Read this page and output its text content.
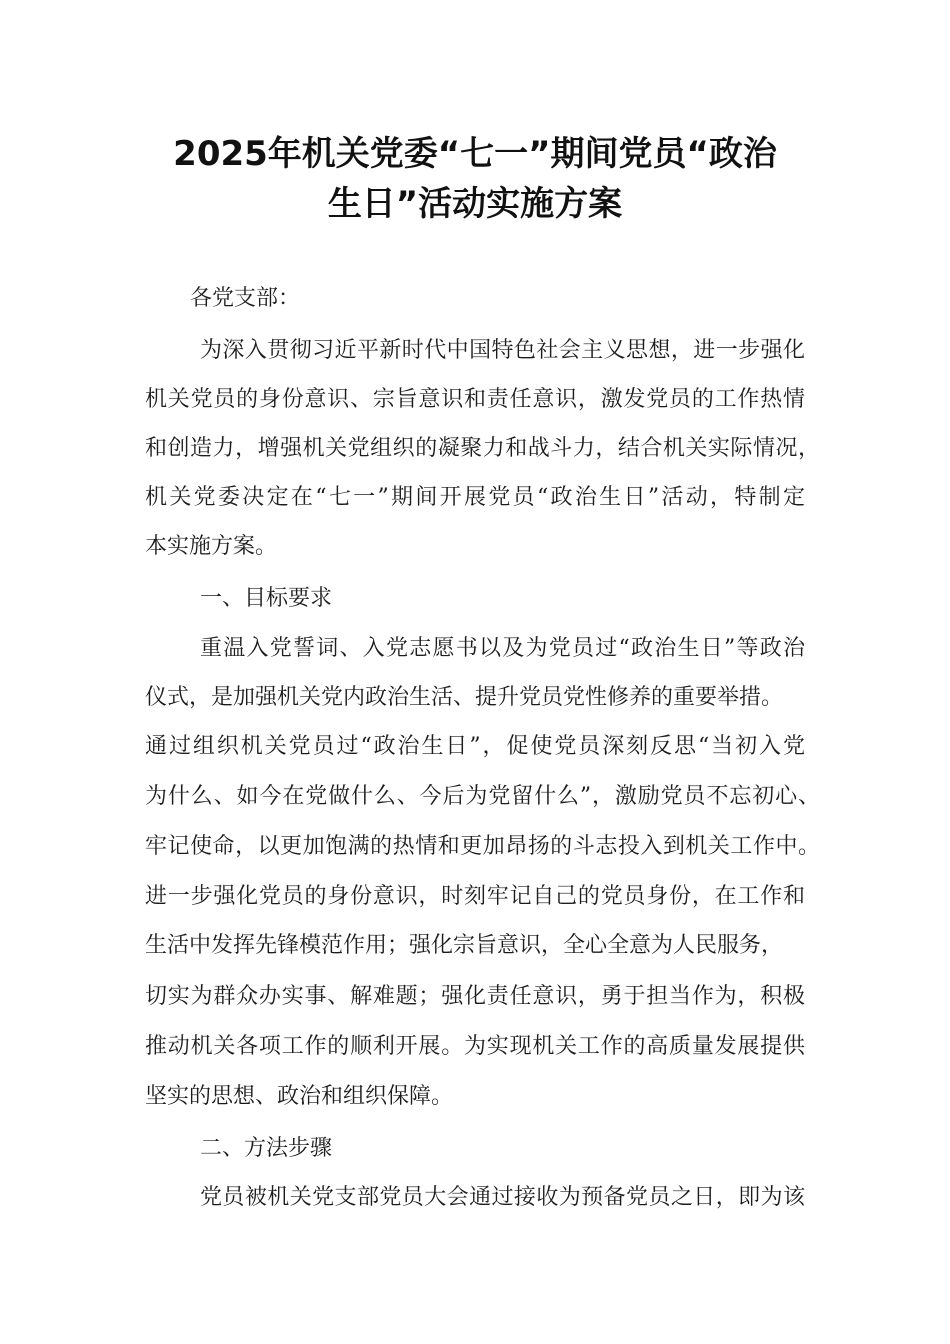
2025年机关党委“七一”期间党员“政治
生日”活动实施方案
各党支部：
为深入贯彻习近平新时代中国特色社会主义思想，进一步强化
机关党员的身份意识、宗旨意识和责任意识，激发党员的工作热情
和创造力，增强机关党组织的凝聚力和战斗力，结合机关实际情况，
机关党委决定在“七一”期间开展党员“政治生日”活动，特制定
本实施方案。
一、目标要求
重温入党誓词、入党志愿书以及为党员过“政治生日”等政治
仪式，是加强机关党内政治生活、提升党员党性修养的重要举措。
通过组织机关党员过“政治生日”，促使党员深刻反思“当初入党
为什么、如今在党做什么、今后为党留什么”，激励党员不忘初心、
牢记使命，以更加饱满的热情和更加昂扬的斗志投入到机关工作中。
进一步强化党员的身份意识，时刻牢记自己的党员身份，在工作和
生活中发挥先锋模范作用；强化宗旨意识，全心全意为人民服务，
切实为群众办实事、解难题；强化责任意识，勇于担当作为，积极
推动机关各项工作的顺利开展。为实现机关工作的高质量发展提供
坚实的思想、政治和组织保障。
二、方法步骤
党员被机关党支部党员大会通过接收为预备党员之日，即为该
